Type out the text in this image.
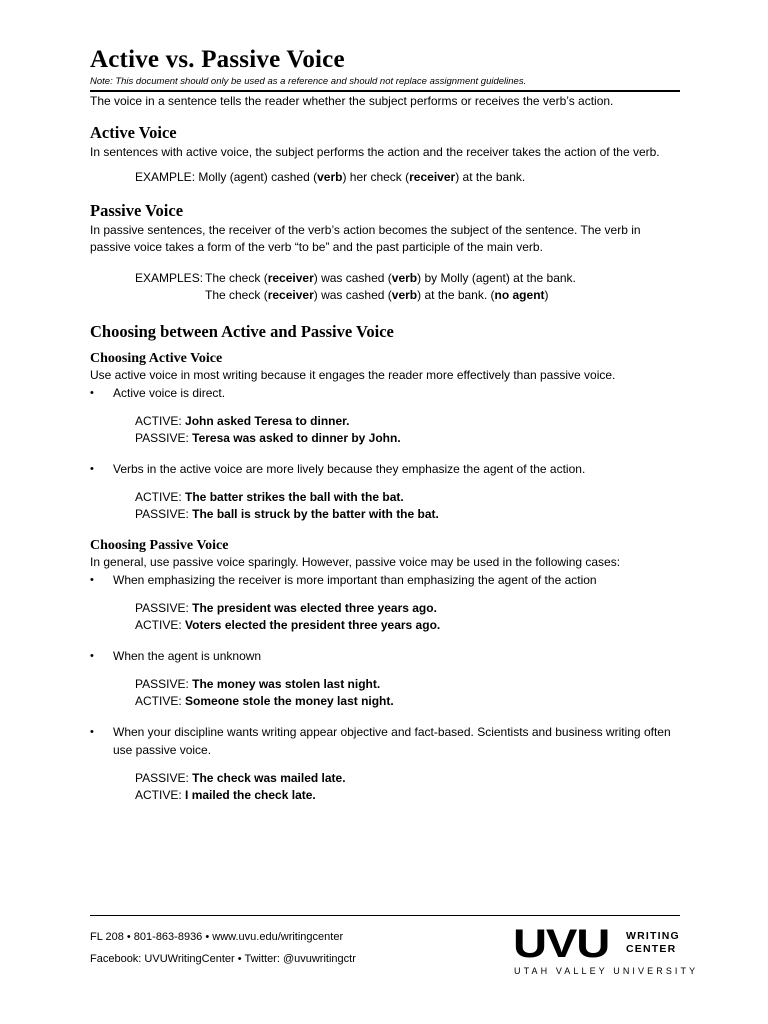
Active vs. Passive Voice
Note: This document should only be used as a reference and should not replace assignment guidelines.
The voice in a sentence tells the reader whether the subject performs or receives the verb’s action.
Active Voice
In sentences with active voice, the subject performs the action and the receiver takes the action of the verb.
EXAMPLE: Molly (agent) cashed (verb) her check (receiver) at the bank.
Passive Voice
In passive sentences, the receiver of the verb’s action becomes the subject of the sentence. The verb in passive voice takes a form of the verb “to be” and the past participle of the main verb.
EXAMPLES: The check (receiver) was cashed (verb) by Molly (agent) at the bank.
The check (receiver) was cashed (verb) at the bank. (no agent)
Choosing between Active and Passive Voice
Choosing Active Voice
Use active voice in most writing because it engages the reader more effectively than passive voice.
•	Active voice is direct.
ACTIVE: John asked Teresa to dinner.
PASSIVE: Teresa was asked to dinner by John.
•	Verbs in the active voice are more lively because they emphasize the agent of the action.
ACTIVE: The batter strikes the ball with the bat.
PASSIVE: The ball is struck by the batter with the bat.
Choosing Passive Voice
In general, use passive voice sparingly. However, passive voice may be used in the following cases:
•	When emphasizing the receiver is more important than emphasizing the agent of the action
PASSIVE: The president was elected three years ago.
ACTIVE: Voters elected the president three years ago.
•	When the agent is unknown
PASSIVE: The money was stolen last night.
ACTIVE: Someone stole the money last night.
•	When your discipline wants writing appear objective and fact-based. Scientists and business writing often use passive voice.
PASSIVE: The check was mailed late.
ACTIVE: I mailed the check late.
FL 208 • 801-863-8936 • www.uvu.edu/writingcenter
Facebook: UVUWritingCenter • Twitter: @uvuwritingctr	UVU WRITING
CENTER
UTAH VALLEY UNIVERSITY
